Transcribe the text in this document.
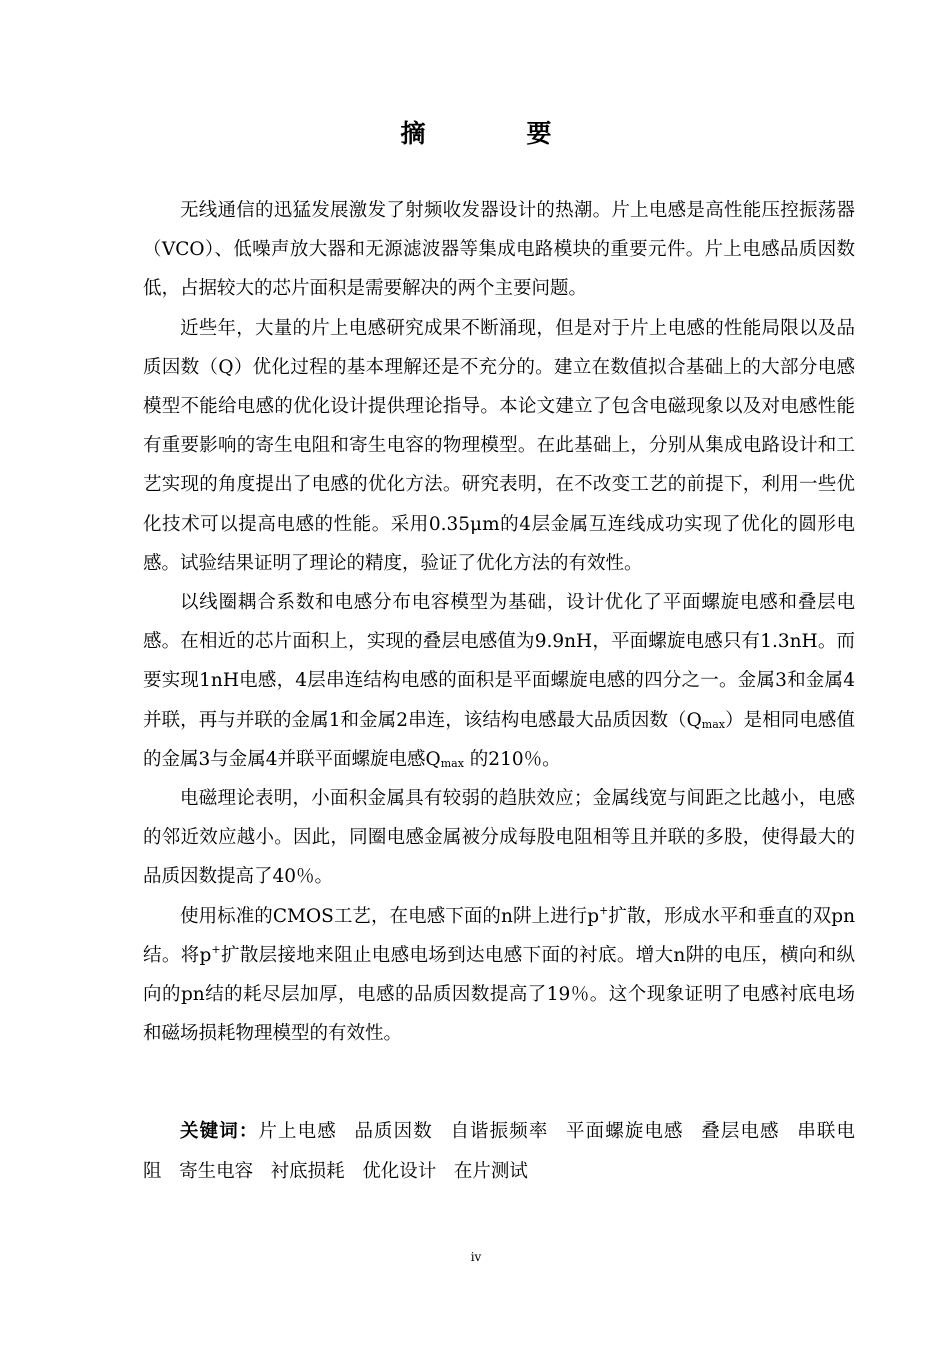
摘　要

无线通信的迅猛发展激发了射频收发器设计的热潮。片上电感是高性能压控振荡器（VCO）、低噪声放大器和无源滤波器等集成电路模块的重要元件。片上电感品质因数低，占据较大的芯片面积是需要解决的两个主要问题。

近些年，大量的片上电感研究成果不断涌现，但是对于片上电感的性能局限以及品质因数（Q）优化过程的基本理解还是不充分的。建立在数值拟合基础上的大部分电感模型不能给电感的优化设计提供理论指导。本论文建立了包含电磁现象以及对电感性能有重要影响的寄生电阻和寄生电容的物理模型。在此基础上，分别从集成电路设计和工艺实现的角度提出了电感的优化方法。研究表明，在不改变工艺的前提下，利用一些优化技术可以提高电感的性能。采用0.35μm的4层金属互连线成功实现了优化的圆形电感。试验结果证明了理论的精度，验证了优化方法的有效性。

以线圈耦合系数和电感分布电容模型为基础，设计优化了平面螺旋电感和叠层电感。在相近的芯片面积上，实现的叠层电感值为9.9nH，平面螺旋电感只有1.3nH。而要实现1nH电感，4层串连结构电感的面积是平面螺旋电感的四分之一。金属3和金属4并联，再与并联的金属1和金属2串连，该结构电感最大品质因数$(Q_{max})$是相同电感值的金属3与金属4并联平面螺旋电感$Q_{max}$ 的210％。

电磁理论表明，小面积金属具有较弱的趋肤效应；金属线宽与间距之比越小，电感的邻近效应越小。因此，同圈电感金属被分成每股电阻相等且并联的多股，使得最大的品质因数提高了40％。

使用标准的CMOS工艺，在电感下面的n阱上进行p+扩散，形成水平和垂直的双pn结。将p+扩散层接地来阻止电感电场到达电感下面的衬底。增大n阱的电压，横向和纵向的pn结的耗尽层加厚，电感的品质因数提高了19％。这个现象证明了电感衬底电场和磁场损耗物理模型的有效性。

关键词：片上电感 品质因数 自谐振频率 平面螺旋电感 叠层电感 串联电阻 寄生电容 衬底损耗 优化设计 在片测试

iv
